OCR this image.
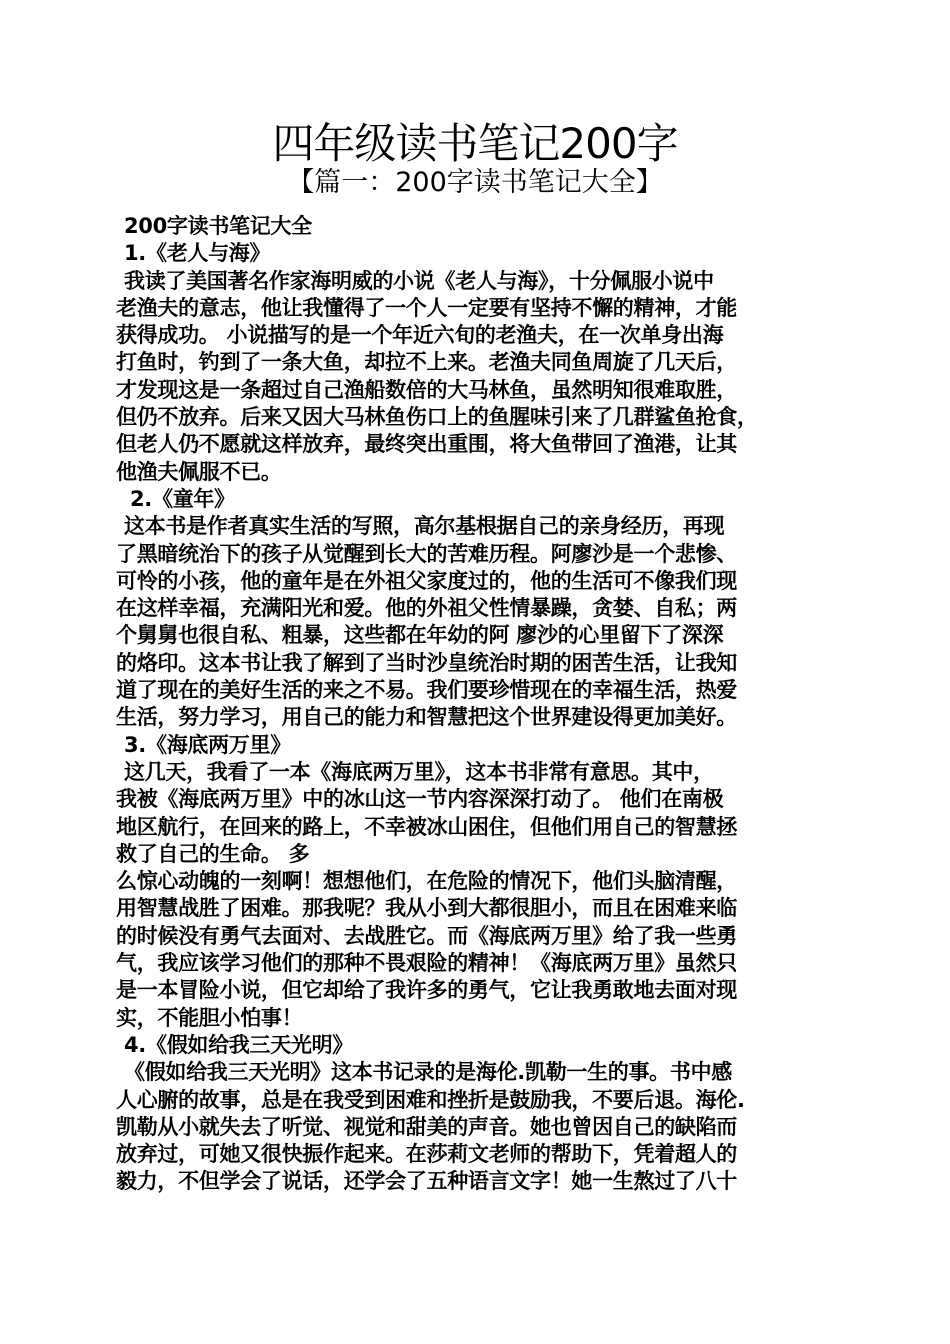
四年级读书笔记200字
【篇一：200字读书笔记大全】
200字读书笔记大全
1.《老人与海》
我读了美国著名作家海明威的小说《老人与海》，十分佩服小说中
老渔夫的意志，他让我懂得了一个人一定要有坚持不懈的精神，才能
获得成功。 小说描写的是一个年近六旬的老渔夫，在一次单身出海
打鱼时，钓到了一条大鱼，却拉不上来。老渔夫同鱼周旋了几天后，
才发现这是一条超过自己渔船数倍的大马林鱼，虽然明知很难取胜，
但仍不放弃。后来又因大马林鱼伤口上的鱼腥味引来了几群鲨鱼抢食，
但老人仍不愿就这样放弃，最终突出重围，将大鱼带回了渔港，让其
他渔夫佩服不已。
2.《童年》
这本书是作者真实生活的写照，高尔基根据自己的亲身经历，再现
了黑暗统治下的孩子从觉醒到长大的苦难历程。阿廖沙是一个悲惨、
可怜的小孩，他的童年是在外祖父家度过的，他的生活可不像我们现
在这样幸福，充满阳光和爱。他的外祖父性情暴躁，贪婪、自私；两
个舅舅也很自私、粗暴，这些都在年幼的阿 廖沙的心里留下了深深
的烙印。这本书让我了解到了当时沙皇统治时期的困苦生活，让我知
道了现在的美好生活的来之不易。我们要珍惜现在的幸福生活，热爱
生活，努力学习，用自己的能力和智慧把这个世界建设得更加美好。
3.《海底两万里》
这几天，我看了一本《海底两万里》，这本书非常有意思。其中，
我被《海底两万里》中的冰山这一节内容深深打动了。 他们在南极
地区航行，在回来的路上，不幸被冰山困住，但他们用自己的智慧拯
救了自己的生命。 多
么惊心动魄的一刻啊！想想他们，在危险的情况下，他们头脑清醒，
用智慧战胜了困难。那我呢？我从小到大都很胆小，而且在困难来临
的时候没有勇气去面对、去战胜它。而《海底两万里》给了我一些勇
气，我应该学习他们的那种不畏艰险的精神！《海底两万里》虽然只
是一本冒险小说，但它却给了我许多的勇气，它让我勇敢地去面对现
实，不能胆小怕事！
4.《假如给我三天光明》
《假如给我三天光明》这本书记录的是海伦.凯勒一生的事。书中感
人心腑的故事，总是在我受到困难和挫折是鼓励我，不要后退。海伦.
凯勒从小就失去了听觉、视觉和甜美的声音。她也曾因自己的缺陷而
放弃过，可她又很快振作起来。在莎莉文老师的帮助下，凭着超人的
毅力，不但学会了说话，还学会了五种语言文字！她一生熬过了八十
